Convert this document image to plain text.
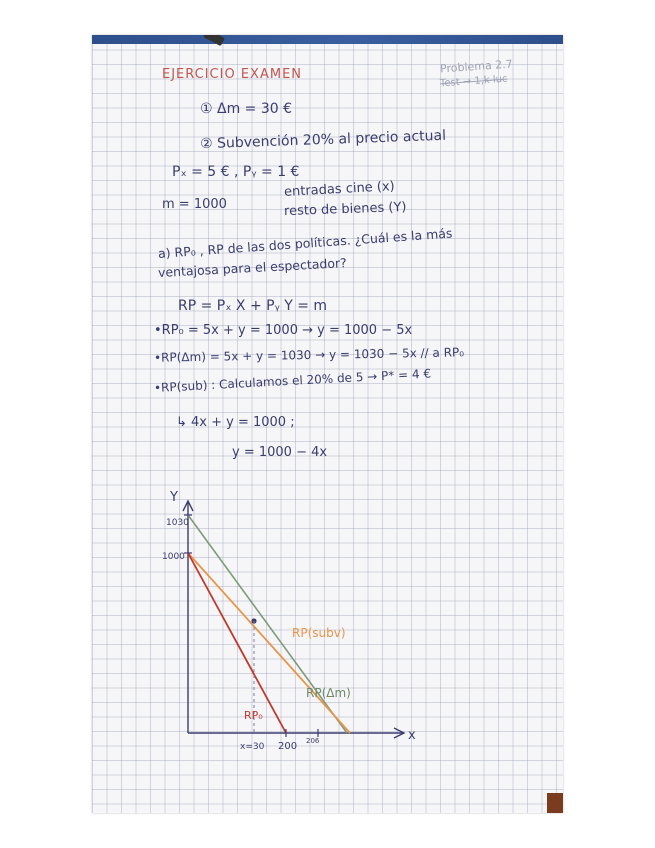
EJERCICIO EXAMEN	Problema 2.7
Test → 1,k luc
① Δm = 30 €
② Subvención 20% al precio actual
Pₓ = 5 € , Pᵧ = 1 €
m = 1000
entradas cine (x)
resto de bienes (Y)
a) RP₀ , RP de las dos políticas. ¿Cuál es la más
ventajosa para el espectador?
RP = Pₓ X + Pᵧ Y = m
•RP₀ = 5x + y = 1000 → y = 1000 − 5x
•RP(Δm) = 5x + y = 1030 → y = 1030 − 5x // a RP₀
•RP(sub) : Calculamos el 20% de 5 → P* = 4 €
↳ 4x + y = 1000 ;
y = 1000 − 4x
Y
x
1030
1000
x=30 200 206
RP(subv)
RP(Δm)
RP₀
